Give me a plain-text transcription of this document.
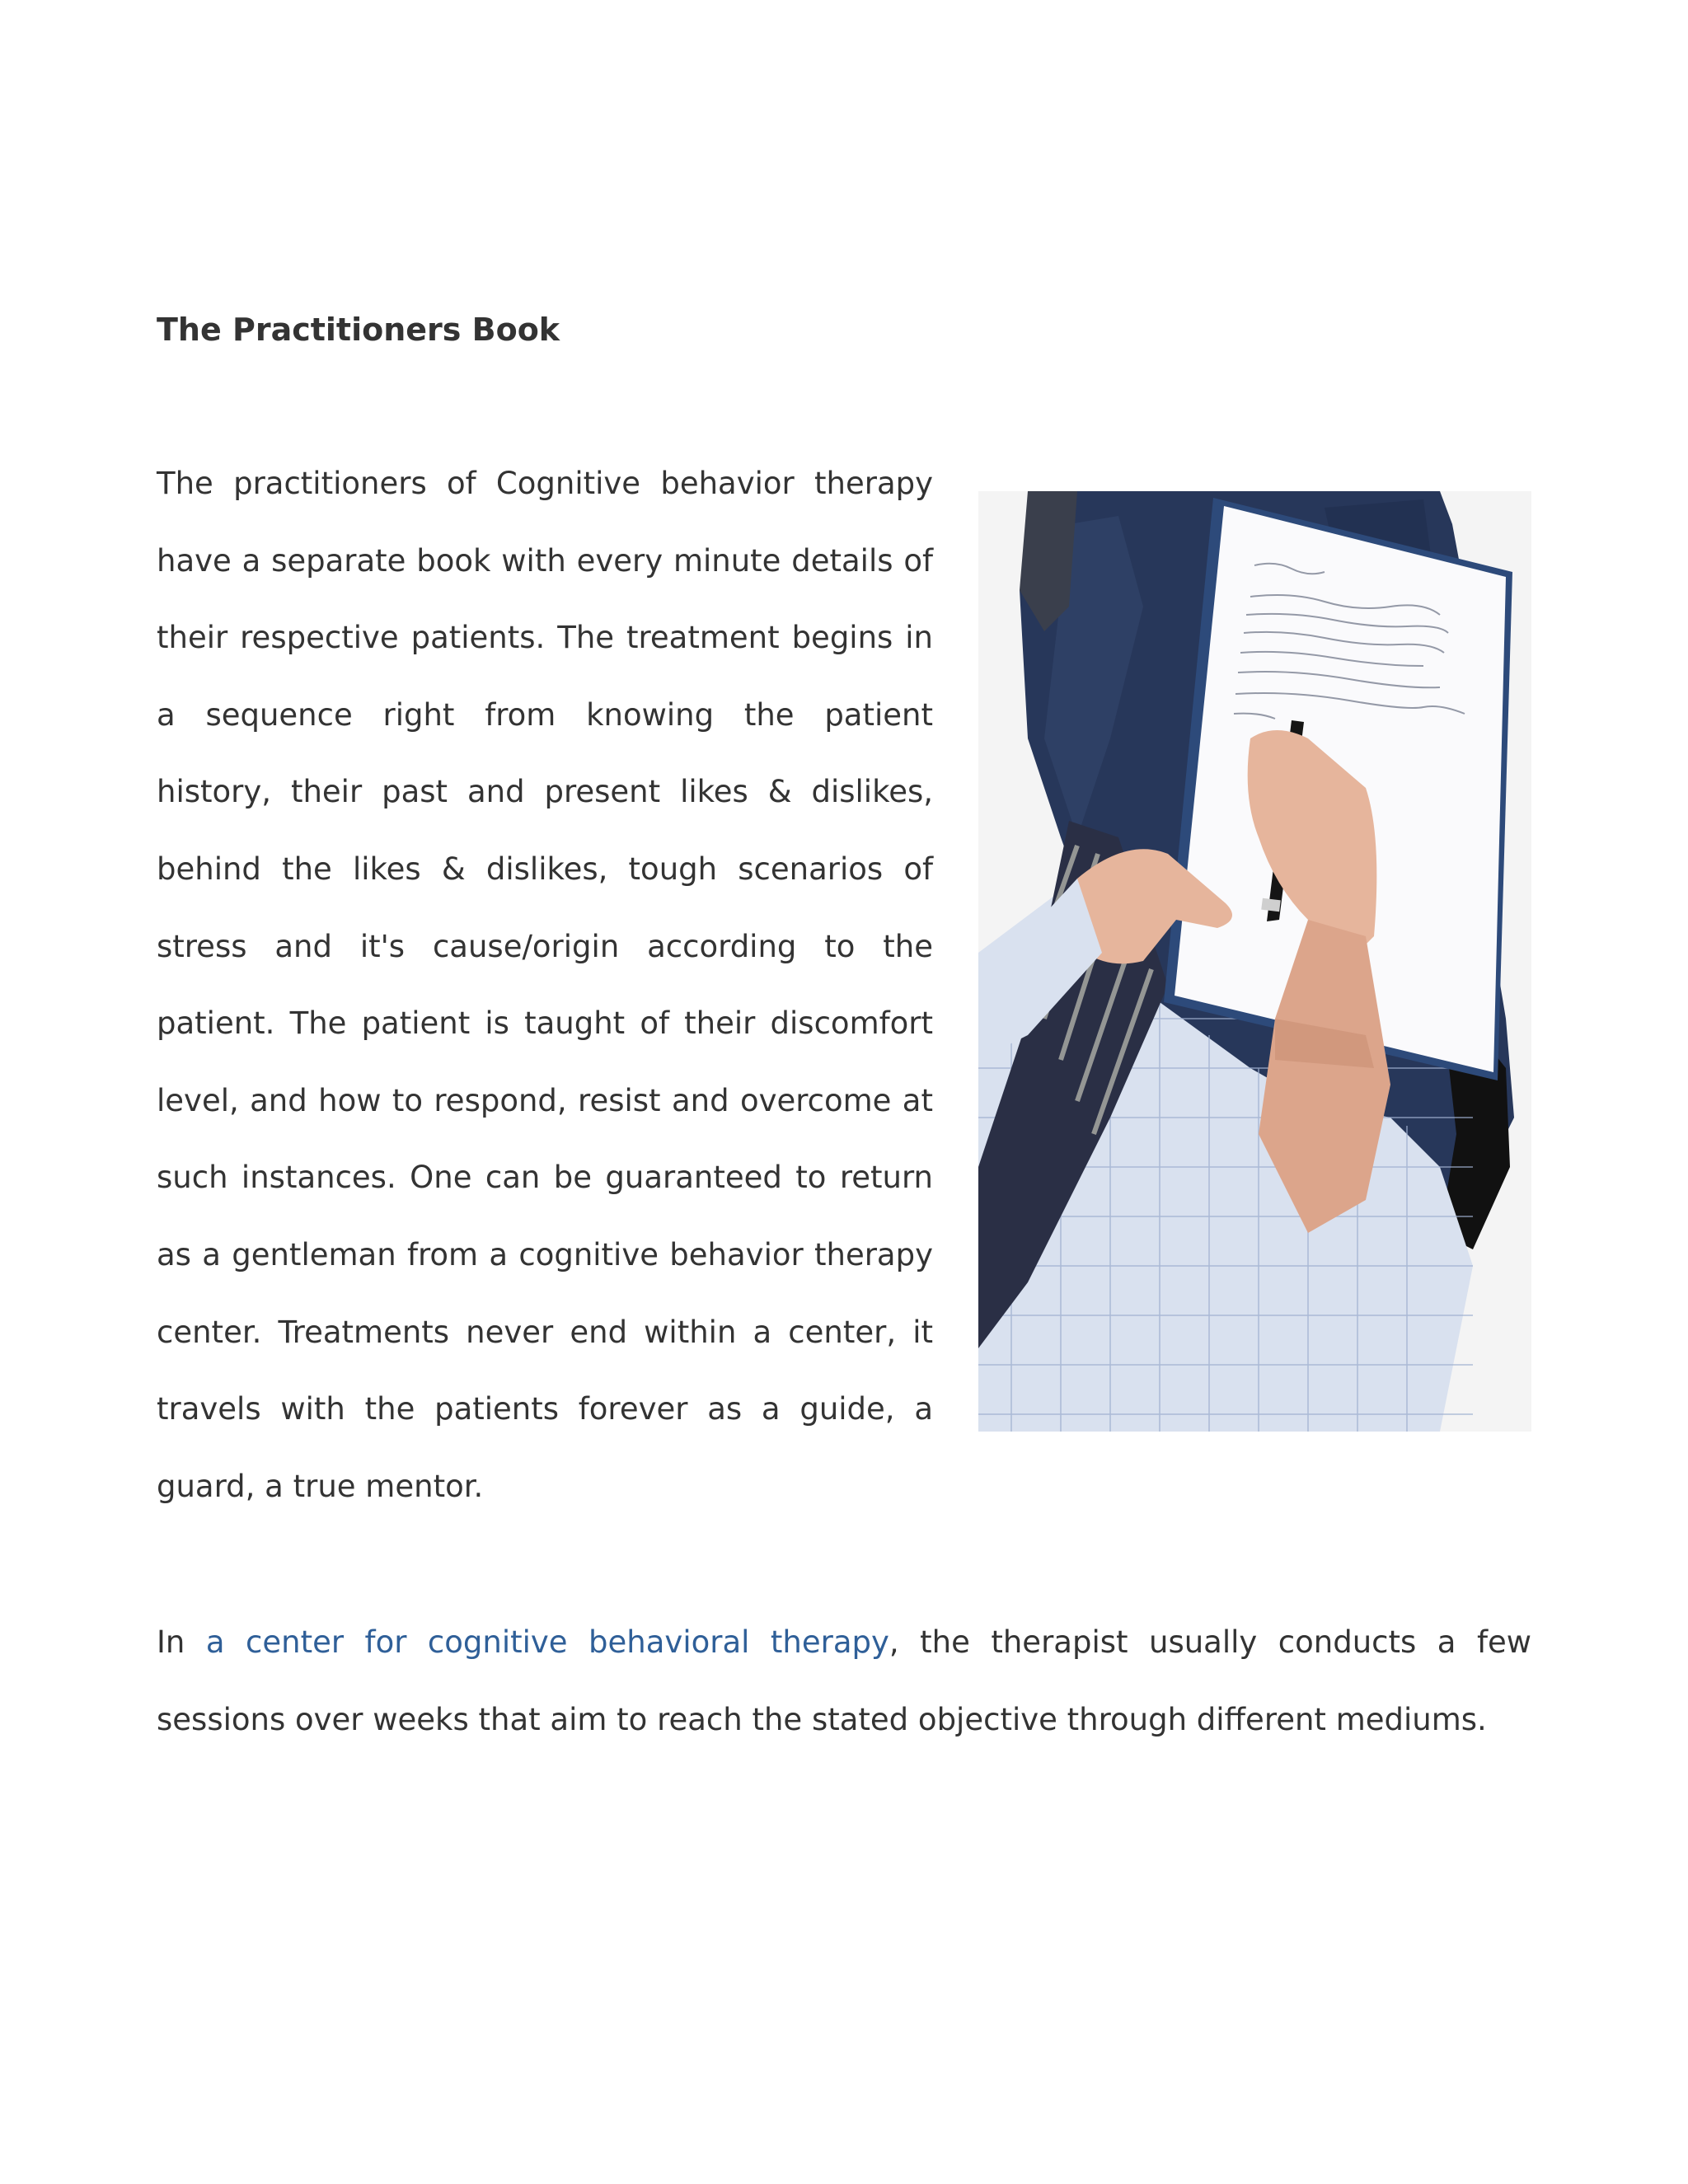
The Practitioners Book

The practitioners of Cognitive behavior therapy have a separate book with every minute details of their respective patients. The treatment begins in a sequence right from knowing the patient history, their past and present likes & dislikes, behind the likes & dislikes, tough scenarios of stress and it's cause/origin according to the patient. The patient is taught of their discomfort level, and how to respond, resist and overcome at such instances. One can be guaranteed to return as a gentleman from a cognitive behavior therapy center. Treatments never end within a center, it travels with the patients forever as a guide, a guard, a true mentor.

In a center for cognitive behavioral therapy, the therapist usually conducts a few sessions over weeks that aim to reach the stated objective through different mediums.
